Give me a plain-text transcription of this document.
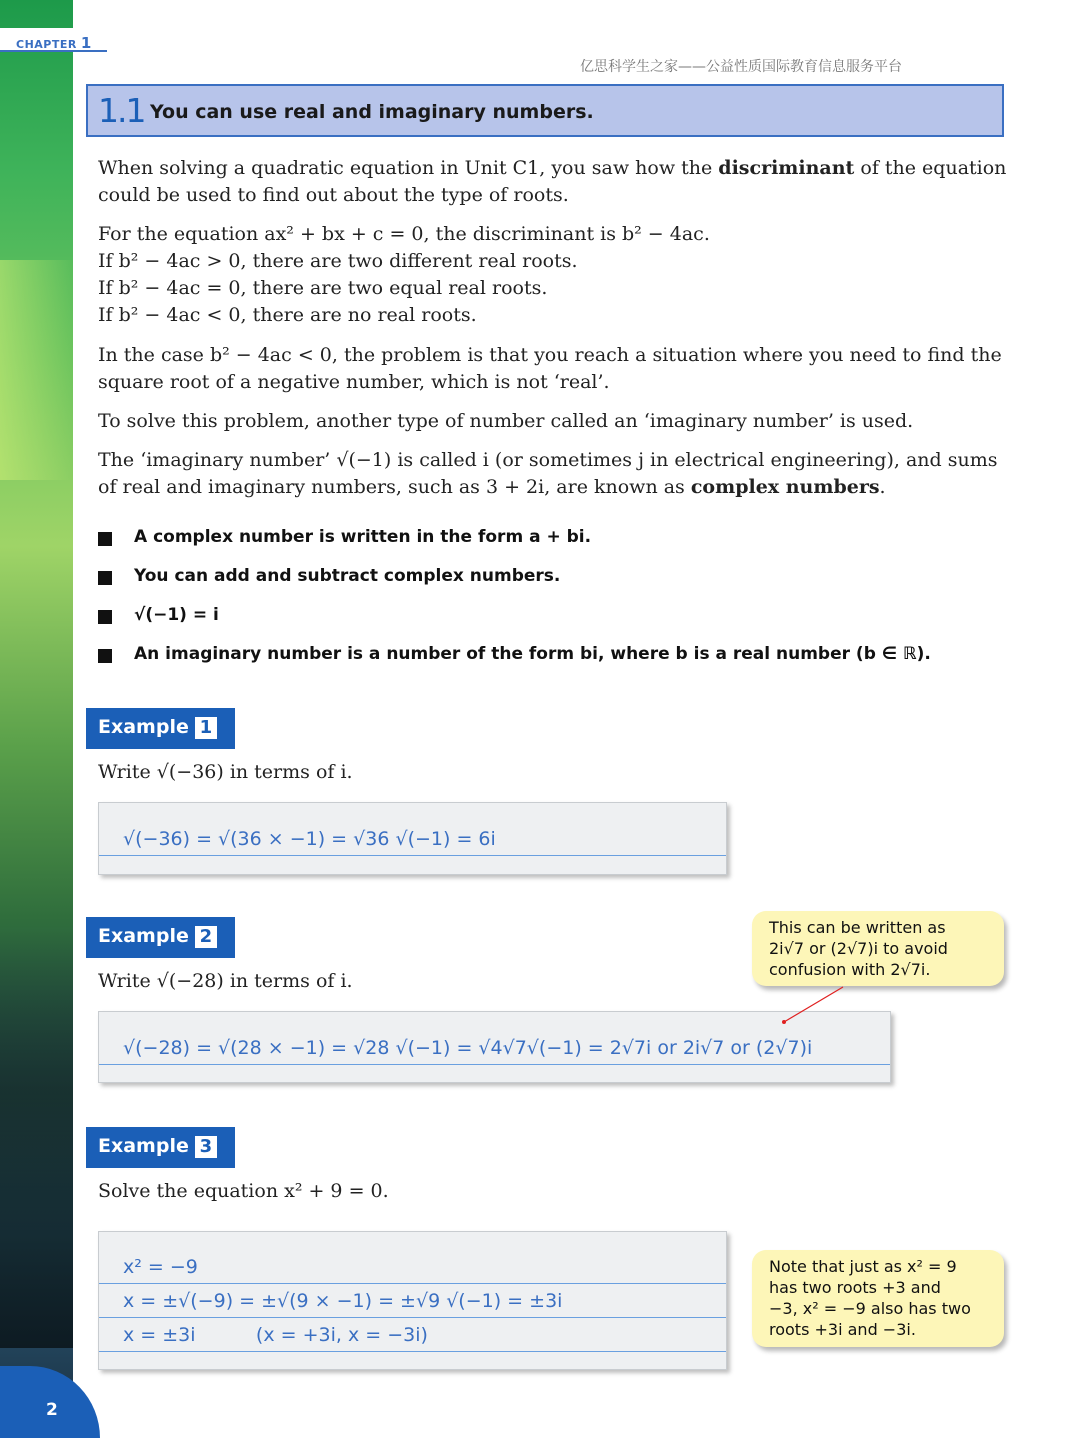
CHAPTER 1
亿思科学生之家——公益性质国际教育信息服务平台
1.1 You can use real and imaginary numbers.

When solving a quadratic equation in Unit C1, you saw how the discriminant of the equation
could be used to find out about the type of roots.

For the equation ax² + bx + c = 0, the discriminant is b² − 4ac.
If b² − 4ac > 0, there are two different real roots.
If b² − 4ac = 0, there are two equal real roots.
If b² − 4ac < 0, there are no real roots.

In the case b² − 4ac < 0, the problem is that you reach a situation where you need to find the
square root of a negative number, which is not ‘real’.

To solve this problem, another type of number called an ‘imaginary number’ is used.

The ‘imaginary number’ √(−1) is called i (or sometimes j in electrical engineering), and sums
of real and imaginary numbers, such as 3 + 2i, are known as complex numbers.

A complex number is written in the form a + bi.
You can add and subtract complex numbers.
√(−1) = i
An imaginary number is a number of the form bi, where b is a real number (b ∈ ℝ).
Example 1
Write √(−36) in terms of i.
√(−36) = √(36 × −1) = √36 √(−1) = 6i
Example 2
Write √(−28) in terms of i.
√(−28) = √(28 × −1) = √28 √(−1) = √4√7√(−1) = 2√7i or 2i√7 or (2√7)i

This can be written as

2i√7 or (2√7)i to avoid

confusion with 2√7i.

Example 3
Solve the equation x² + 9 = 0.
x² = −9
x = ±√(−9) = ±√(9 × −1) = ±√9 √(−1) = ±3i
x = ±3i          (x = +3i, x = −3i)

Note that just as x² = 9

has two roots +3 and

−3, x² = −9 also has two

roots +3i and −3i.

2
